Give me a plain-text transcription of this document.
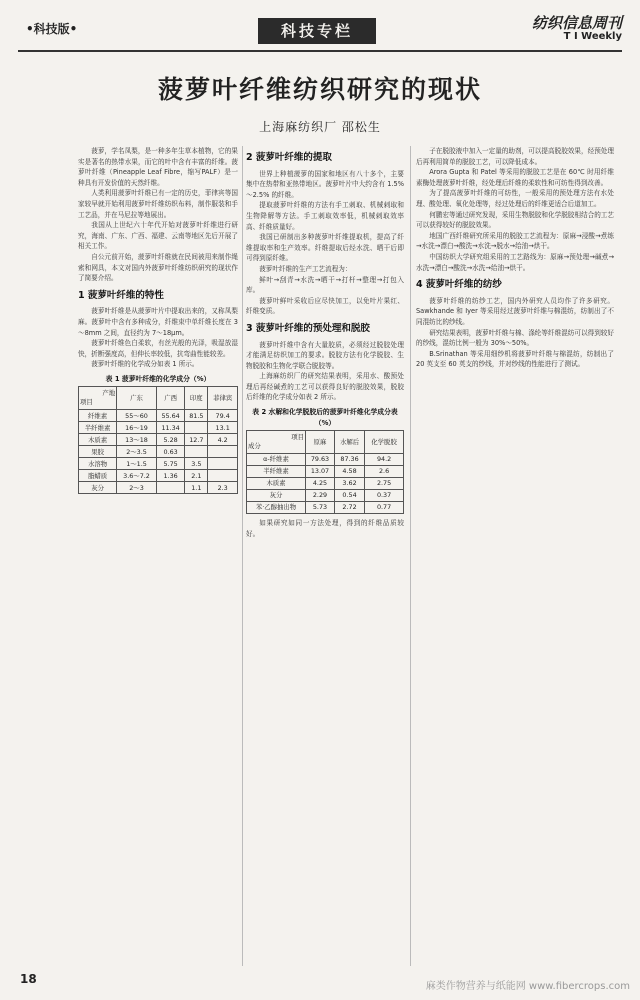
•科技版•	科技专栏	纺织信息周刊
T I Weekly
菠萝叶纤维纺织研究的现状
上海麻纺织厂 邵松生

菠萝，学名凤梨，是一种多年生草本植物，它的果实是著名的热带水果，而它的叶中含有丰富的纤维。菠萝叶纤维（Pineapple Leaf Fibre，缩写PALF）是一种具有开发价值的天然纤维。

人类利用菠萝叶纤维已有一定的历史，菲律宾等国家较早就开始利用菠萝叶纤维纺织布料，制作服装和手工艺品，并在马尼拉等地展出。

我国从上世纪六十年代开始对菠萝叶纤维进行研究，海南、广东、广西、福建、云南等地区先后开展了相关工作。

自公元前开始，菠萝叶纤维就在民间被用来制作绳索和网具，本文对国内外菠萝叶纤维纺织研究的现状作了简要介绍。

1 菠萝叶纤维的特性

菠萝叶纤维是从菠萝叶片中提取出来的，又称凤梨麻。菠萝叶中含有多种成分，纤维束中单纤维长度在 3～8mm 之间，直径约为 7～18μm。

菠萝叶纤维色白柔软，有丝光般的光泽，吸湿放湿快，折断强度高，但伸长率较低，抗弯曲性能较差。

菠萝叶纤维的化学成分如表 1 所示。

表 1 菠萝叶纤维的化学成分（%）
产地
项目	广东	广西	印度	菲律宾
纤维素	55～60	55.64	81.5	79.4
半纤维素	16～19	11.34		13.1
木质素	13～18	5.28	12.7	4.2
果胶	2～3.5	0.63		
水溶物	1～1.5	5.75	3.5	
脂蜡质	3.6～7.2	1.36	2.1	
灰分	2～3		1.1	2.3
2 菠萝叶纤维的提取

世界上种植菠萝的国家和地区有八十多个，主要集中在热带和亚热带地区。菠萝叶片中大约含有 1.5%～2.5% 的纤维。

提取菠萝叶纤维的方法有手工刺取、机械刺取和生物降解等方法。手工刺取效率低，机械刺取效率高、纤维质量好。

我国已研制出多种菠萝叶纤维提取机，提高了纤维提取率和生产效率。纤维提取后经水洗、晒干后即可得到原纤维。

菠萝叶纤维的生产工艺流程为：

鲜叶→刮青→水洗→晒干→打杆→整理→打包入库。

菠萝叶鲜叶采收后应尽快加工，以免叶片果红、纤维变质。

3 菠萝叶纤维的预处理和脱胶

菠萝叶纤维中含有大量胶质，必须经过脱胶处理才能满足纺织加工的要求。脱胶方法有化学脱胶、生物脱胶和生物化学联合脱胶等。

上海麻纺织厂的研究结果表明，采用水、酸预处理后再经碱煮的工艺可以获得良好的脱胶效果，脱胶后纤维的化学成分如表 2 所示。

表 2 水解和化学脱胶后的菠萝叶纤维化学成分表（%）
项目
成分	原麻	水解后	化学脱胶
α-纤维素	79.63	87.36	94.2
半纤维素	13.07	4.58	2.6
木质素	4.25	3.62	2.75
灰分	2.29	0.54	0.37
苯·乙醇抽出物	5.73	2.72	0.77

如果研究如同一方法处理，得到的纤维品质较好。

子在脱胶液中加入一定量的助剂，可以提高脱胶效果，经预处理后再利用简单的脱胶工艺，可以降低成本。

Arora Gupta 和 Patel 等采用的脱胶工艺是在 60℃ 时用纤维素酶处理菠萝叶纤维，经处理后纤维的柔软性和可纺性得到改善。

为了提高菠萝叶纤维的可纺性，一般采用的预处理方法有水处理、酸处理、氧化处理等，经过处理后的纤维更适合后道加工。

何鹏宏等通过研究发现，采用生物脱胶和化学脱胶相结合的工艺可以获得较好的脱胶效果。

地国广西纤维研究所采用的脱胶工艺流程为：原麻→浸酸→煮练→水洗→漂白→酸洗→水洗→脱水→给油→烘干。

中国纺织大学研究组采用的工艺路线为：原麻→预处理→碱煮→水洗→漂白→酸洗→水洗→给油→烘干。

4 菠萝叶纤维的纺纱

菠萝叶纤维的纺纱工艺，国内外研究人员均作了许多研究。Sawkhande 和 Iyer 等采用经过菠萝叶纤维与棉混纺，纺制出了不同混纺比的纱线。

研究结果表明，菠萝叶纤维与棉、涤纶等纤维混纺可以得到较好的纱线，混纺比例一般为 30%～50%。

B.Srinathan 等采用细纱机将菠萝叶纤维与棉混纺，纺制出了 20 英支至 60 英支的纱线，并对纱线的性能进行了测试。

18
麻类作物营养与纸能网 www.fibercrops.com
